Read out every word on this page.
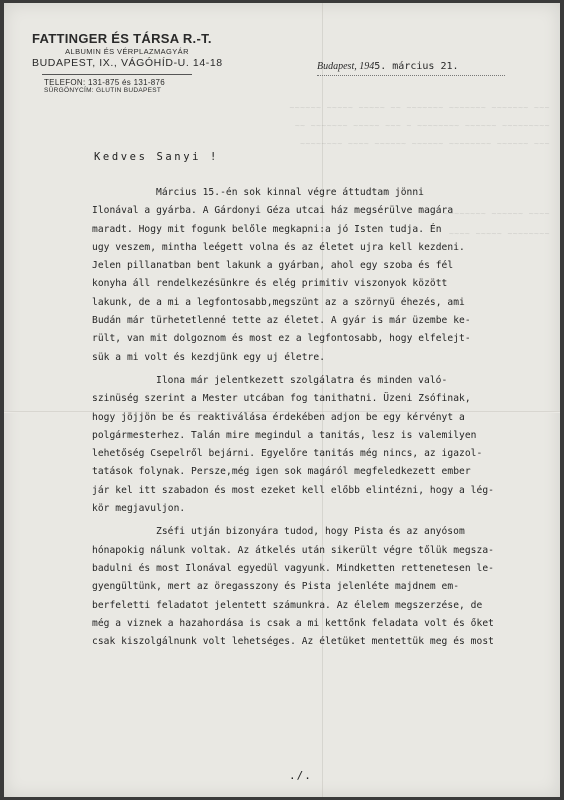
~~~~~~ ~~~~~ ~~~~~ ~~ ~~~~~~~ ~~~~~~~ ~~~~~~~ ~~~
~~ ~~~~~~~ ~~~~~ ~~~ ~ ~~~~~~~~ ~~~~~~ ~~~~~~~~~
~~~~~~~~ ~~~~ ~~~~~~ ~~~~~~ ~~~~~~~~ ~~~~~~ ~~~
~~~~~~~~ ~~~~~~ ~~~~
~~~~ ~~~~~ ~~~~~~~~
FATTINGER ÉS TÁRSA R.-T.
ALBUMIN ÉS VÉRPLAZMAGYÁR
BUDAPEST, IX., VÁGÓHÍD-U. 14-18
TELEFON: 131-875 és 131-876
SÜRGÖNYCÍM: GLUTIN BUDAPEST
Budapest, 1945. március 21.
Kedves Sanyi !
Március 15.-én sok kinnal végre áttudtam jönni
Ilonával a gyárba. A Gárdonyi Géza utcai ház megsérülve magára
maradt. Hogy mit fogunk belőle megkapni:a jó Isten tudja. Én
ugy veszem, mintha leégett volna és az életet ujra kell kezdeni.
Jelen pillanatban bent lakunk a gyárban, ahol egy szoba és fél
konyha áll rendelkezésünkre és elég primitiv viszonyok között
lakunk, de a mi a legfontosabb,megszünt az a szörnyü éhezés, ami
Budán már türhetetlenné tette az életet. A gyár is már üzembe ke-
rült, van mit dolgoznom és most ez a legfontosabb, hogy elfelejt-
sük a mi volt és kezdjünk egy uj életre.
Ilona már jelentkezett szolgálatra és minden való-
szinüség szerint a Mester utcában fog tanithatni. Üzeni Zsófinak,
hogy jöjjön be és reaktiválása érdekében adjon be egy kérvényt a
polgármesterhez. Talán mire megindul a tanitás, lesz is valemilyen
lehetőség Csepelről bejárni. Egyelőre tanitás még nincs, az igazol-
tatások folynak. Persze,még igen sok magáról megfeledkezett ember
jár kel itt szabadon és most ezeket kell előbb elintézni, hogy a lég-
kör megjavuljon.
Zséfi utján bizonyára tudod, hogy Pista és az anyósom
hónapokig nálunk voltak. Az átkelés után sikerült végre tőlük megsza-
badulni és most Ilonával egyedül vagyunk. Mindketten rettenetesen le-
gyengültünk, mert az öregasszony és Pista jelenléte majdnem em-
berfeletti feladatot jelentett számunkra. Az élelem megszerzése, de
még a viznek a hazahordása is csak a mi kettőnk feladata volt és őket
csak kiszolgálnunk volt lehetséges. Az életüket mentettük meg és most
./.
